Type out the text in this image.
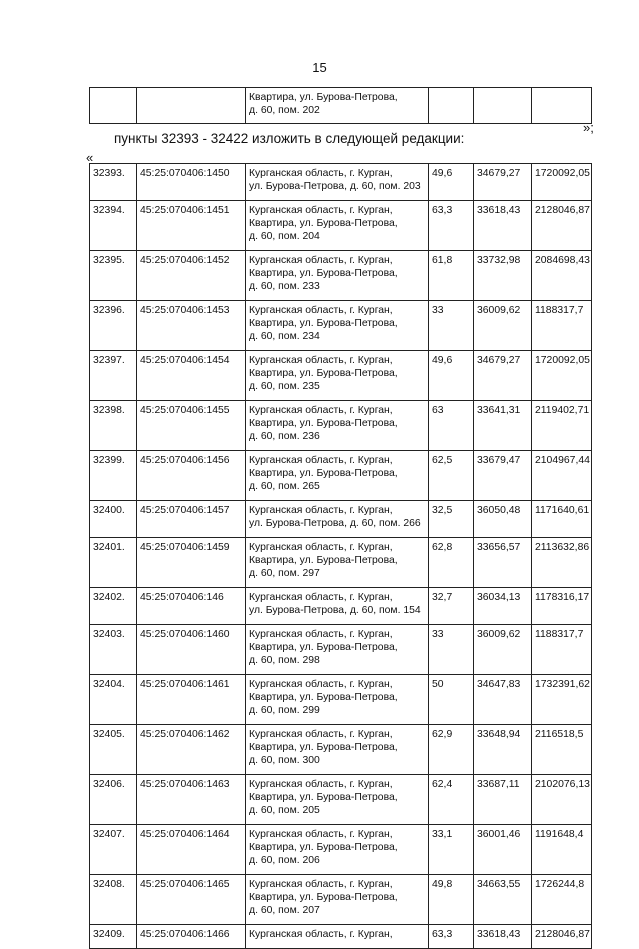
15
		Квартира, ул. Бурова-Петрова,
д. 60, пом. 202			
»;
пункты 32393 - 32422 изложить в следующей редакции:
«
32393.	45:25:070406:1450	Курганская область, г. Курган,
ул. Бурова-Петрова, д. 60, пом. 203	49,6	34679,27	1720092,05
32394.	45:25:070406:1451	Курганская область, г. Курган,
Квартира, ул. Бурова-Петрова,
д. 60, пом. 204	63,3	33618,43	2128046,87
32395.	45:25:070406:1452	Курганская область, г. Курган,
Квартира, ул. Бурова-Петрова,
д. 60, пом. 233	61,8	33732,98	2084698,43
32396.	45:25:070406:1453	Курганская область, г. Курган,
Квартира, ул. Бурова-Петрова,
д. 60, пом. 234	33	36009,62	1188317,7
32397.	45:25:070406:1454	Курганская область, г. Курган,
Квартира, ул. Бурова-Петрова,
д. 60, пом. 235	49,6	34679,27	1720092,05
32398.	45:25:070406:1455	Курганская область, г. Курган,
Квартира, ул. Бурова-Петрова,
д. 60, пом. 236	63	33641,31	2119402,71
32399.	45:25:070406:1456	Курганская область, г. Курган,
Квартира, ул. Бурова-Петрова,
д. 60, пом. 265	62,5	33679,47	2104967,44
32400.	45:25:070406:1457	Курганская область, г. Курган,
ул. Бурова-Петрова, д. 60, пом. 266	32,5	36050,48	1171640,61
32401.	45:25:070406:1459	Курганская область, г. Курган,
Квартира, ул. Бурова-Петрова,
д. 60, пом. 297	62,8	33656,57	2113632,86
32402.	45:25:070406:146	Курганская область, г. Курган,
ул. Бурова-Петрова, д. 60, пом. 154	32,7	36034,13	1178316,17
32403.	45:25:070406:1460	Курганская область, г. Курган,
Квартира, ул. Бурова-Петрова,
д. 60, пом. 298	33	36009,62	1188317,7
32404.	45:25:070406:1461	Курганская область, г. Курган,
Квартира, ул. Бурова-Петрова,
д. 60, пом. 299	50	34647,83	1732391,62
32405.	45:25:070406:1462	Курганская область, г. Курган,
Квартира, ул. Бурова-Петрова,
д. 60, пом. 300	62,9	33648,94	2116518,5
32406.	45:25:070406:1463	Курганская область, г. Курган,
Квартира, ул. Бурова-Петрова,
д. 60, пом. 205	62,4	33687,11	2102076,13
32407.	45:25:070406:1464	Курганская область, г. Курган,
Квартира, ул. Бурова-Петрова,
д. 60, пом. 206	33,1	36001,46	1191648,4
32408.	45:25:070406:1465	Курганская область, г. Курган,
Квартира, ул. Бурова-Петрова,
д. 60, пом. 207	49,8	34663,55	1726244,8
32409.	45:25:070406:1466	Курганская область, г. Курган,	63,3	33618,43	2128046,87
